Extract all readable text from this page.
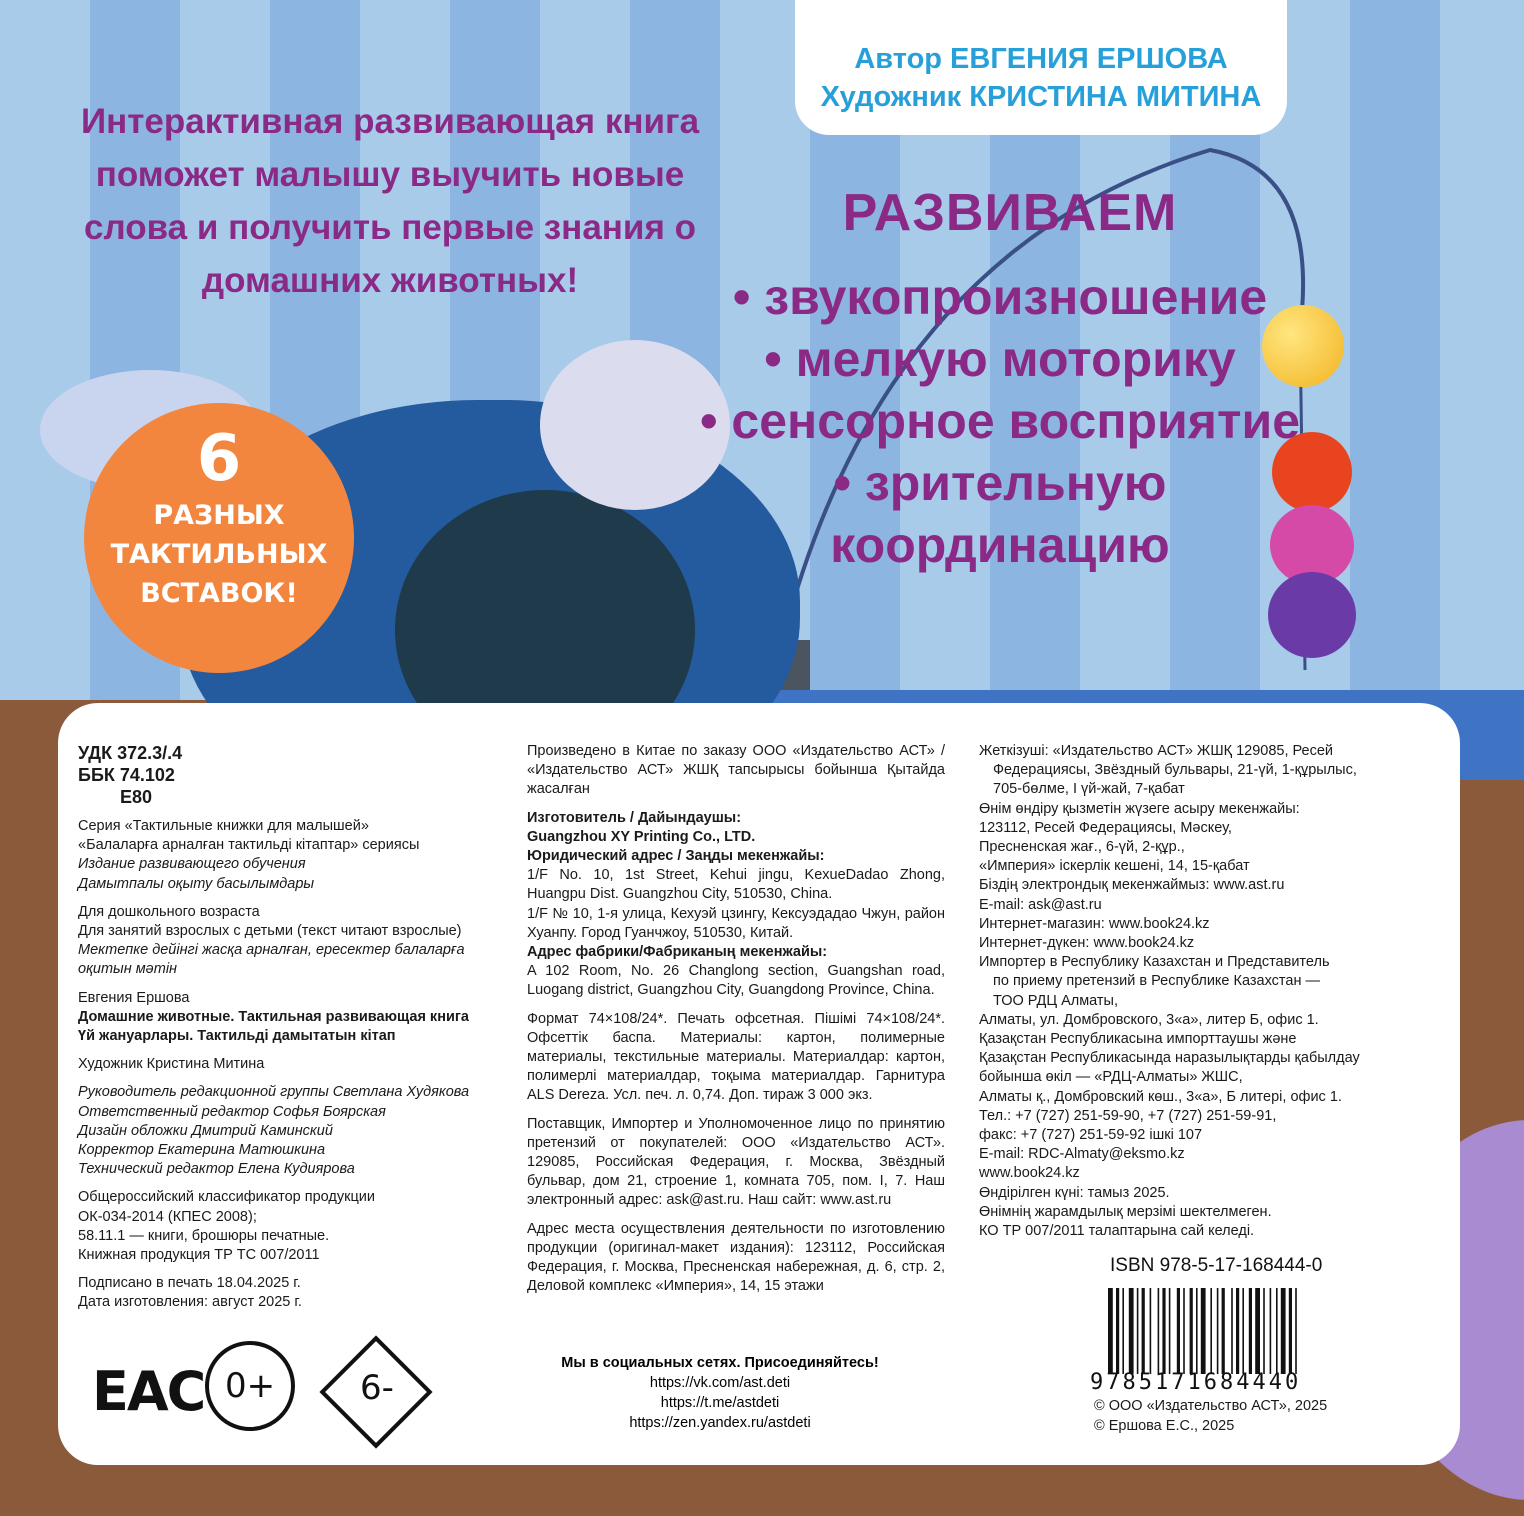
Автор ЕВГЕНИЯ ЕРШОВА
Художник КРИСТИНА МИТИНА
Интерактивная развивающая книга поможет малышу выучить новые слова и получить первые знания о домашних животных!
РАЗВИВАЕМ
• звукопроизношение
• мелкую моторику
• сенсорное восприятие
• зрительную координацию
6
РАЗНЫХ
ТАКТИЛЬНЫХ
ВСТАВОК!
УДК 372.3/.4
ББК 74.102
Е80
Серия «Тактильные книжки для малышей»
«Балаларға арналған тактильді кітаптар» сериясы
Издание развивающего обучения
Дамытпалы оқыту басылымдары
Для дошкольного возраста
Для занятий взрослых с детьми (текст читают взрослые)
Мектепке дейінгі жасқа арналған, ересектер балаларға оқитын мәтін
Евгения Ершова
Домашние животные. Тактильная развивающая книга
Үй жануарлары. Тактильді дамытатын кітап
Художник Кристина Митина
Руководитель редакционной группы Светлана Худякова
Ответственный редактор Софья Боярская
Дизайн обложки Дмитрий Каминский
Корректор Екатерина Матюшкина
Технический редактор Елена Кудиярова
Общероссийский классификатор продукции
ОК-034-2014 (КПЕС 2008);
58.11.1 — книги, брошюры печатные.
Книжная продукция ТР ТС 007/2011
Подписано в печать 18.04.2025 г.
Дата изготовления: август 2025 г.
Произведено в Китае по заказу ООО «Издательство АСТ» / «Издательство АСТ» ЖШҚ тапсырысы бойынша Қытайда жасалған
Изготовитель / Дайындаушы:
Guangzhou XY Printing Co., LTD.
Юридический адрес / Заңды мекенжайы:
1/F No. 10, 1st Street, Kehui jingu, KexueDadao Zhong, Huangpu Dist. Guangzhou City, 510530, China.
1/F № 10, 1-я улица, Кехуэй цзингу, Кексуэдадао Чжун, район Хуанпу. Город Гуанчжоу, 510530, Китай.
Адрес фабрики/Фабриканың мекенжайы:
A 102 Room, No. 26 Changlong section, Guangshan road, Luogang district, Guangzhou City, Guangdong Province, China.
Формат 74×108/24*. Печать офсетная. Пішімі 74×108/24*. Офсеттік баспа. Материалы: картон, полимерные материалы, текстильные материалы. Материалдар: картон, полимерлі материалдар, тоқыма материалдар. Гарнитура ALS Dereza. Усл. печ. л. 0,74. Доп. тираж 3 000 экз.
Поставщик, Импортер и Уполномоченное лицо по принятию претензий от покупателей: ООО «Издательство АСТ». 129085, Российская Федерация, г. Москва, Звёздный бульвар, дом 21, строение 1, комната 705, пом. I, 7. Наш электронный адрес: ask@ast.ru. Наш сайт: www.ast.ru
Адрес места осуществления деятельности по изготовлению продукции (оригинал-макет издания): 123112, Российская Федерация, г. Москва, Пресненская набережная, д. 6, стр. 2, Деловой комплекс «Империя», 14, 15 этажи
Мы в социальных сетях. Присоединяйтесь!
https://vk.com/ast.deti
https://t.me/astdeti
https://zen.yandex.ru/astdeti
Жеткізуші: «Издательство АСТ» ЖШҚ 129085, Ресей
Федерациясы, Звёздный бульвары, 21-үй, 1-құрылыс,
705-бөлме, I үй-жай, 7-қабат
Өнім өндіру қызметін жүзеге асыру мекенжайы:
123112, Ресей Федерациясы, Мәскеу,
Пресненская жағ., 6-үй, 2-құр.,
«Империя» іскерлік кешені, 14, 15-қабат
Біздің электрондық мекенжаймыз: www.ast.ru
E-mail: ask@ast.ru
Интернет-магазин: www.book24.kz
Интернет-дүкен: www.book24.kz
Импортер в Республику Казахстан и Представитель
по приему претензий в Республике Казахстан —
ТОО РДЦ Алматы,
Алматы, ул. Домбровского, 3«а», литер Б, офис 1.
Қазақстан Республикасына импорттаушы және
Қазақстан Республикасында наразылықтарды қабылдау
бойынша өкіл — «РДЦ-Алматы» ЖШС,
Алматы қ., Домбровский көш., 3«а», Б литері, офис 1.
Тел.: +7 (727) 251-59-90, +7 (727) 251-59-91,
факс: +7 (727) 251-59-92 ішкі 107
E-mail: RDC-Almaty@eksmo.kz
www.book24.kz
Өндірілген күні: тамыз 2025.
Өнімнің жарамдылық мерзімі шектелмеген.
КО ТР 007/2011 талаптарына сай келеді.
ISBN 978-5-17-168444-0
9785171684440
© ООО «Издательство АСТ», 2025
© Ершова Е.С., 2025
EAC 0+	6-
